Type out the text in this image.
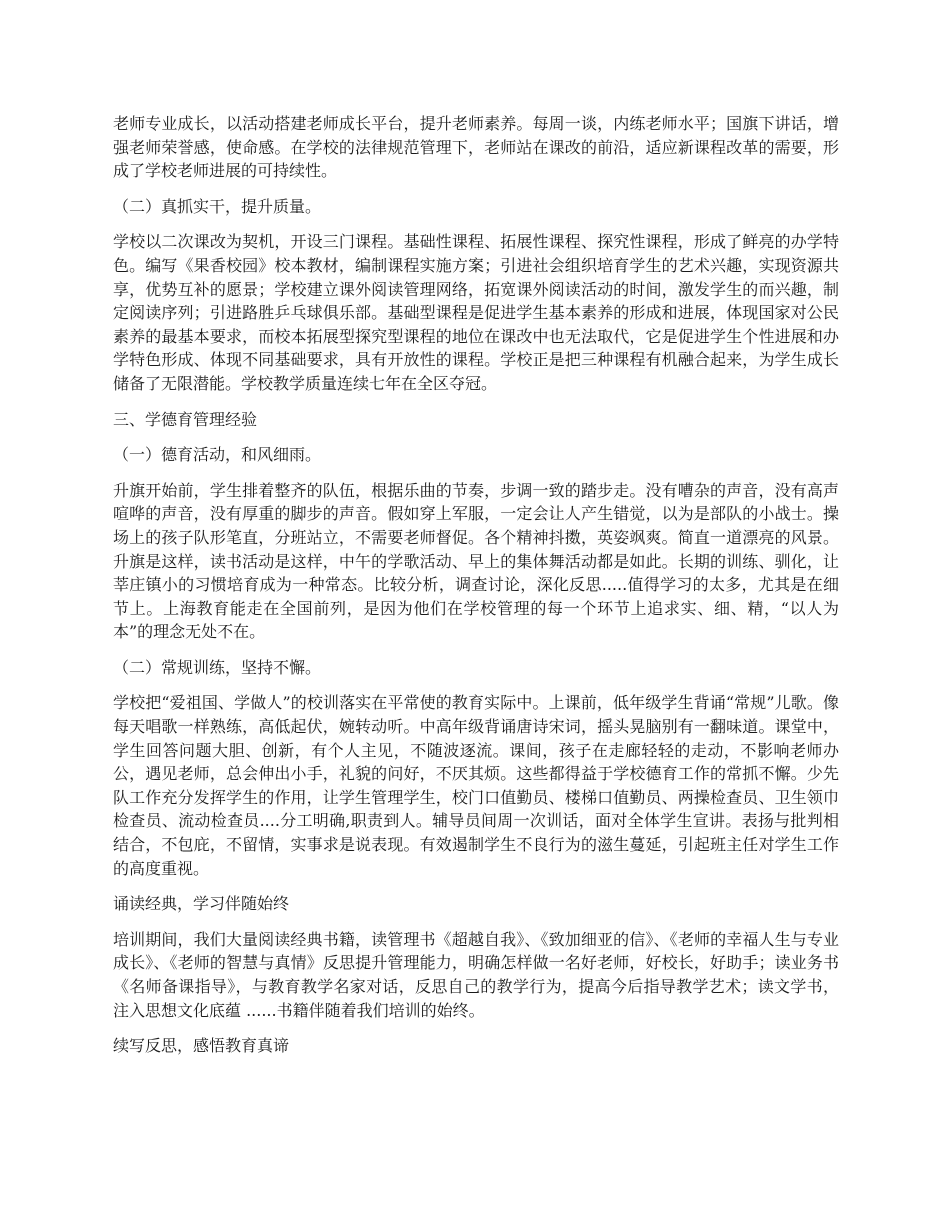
老师专业成长，以活动搭建老师成长平台，提升老师素养。每周一谈，内练老师水平；国旗下讲话，增强老师荣誉感，使命感。在学校的法律规范管理下，老师站在课改的前沿，适应新课程改革的需要，形成了学校老师进展的可持续性。

（二）真抓实干，提升质量。

学校以二次课改为契机，开设三门课程。基础性课程、拓展性课程、探究性课程，形成了鲜亮的办学特色。编写《果香校园》校本教材，编制课程实施方案；引进社会组织培育学生的艺术兴趣，实现资源共享，优势互补的愿景；学校建立课外阅读管理网络，拓宽课外阅读活动的时间，激发学生的而兴趣，制定阅读序列；引进路胜乒乓球俱乐部。基础型课程是促进学生基本素养的形成和进展，体现国家对公民素养的最基本要求，而校本拓展型探究型课程的地位在课改中也无法取代，它是促进学生个性进展和办学特色形成、体现不同基础要求，具有开放性的课程。学校正是把三种课程有机融合起来，为学生成长储备了无限潜能。学校教学质量连续七年在全区夺冠。

三、学德育管理经验

（一）德育活动，和风细雨。

升旗开始前，学生排着整齐的队伍，根据乐曲的节奏，步调一致的踏步走。没有嘈杂的声音，没有高声喧哗的声音，没有厚重的脚步的声音。假如穿上军服，一定会让人产生错觉，以为是部队的小战士。操场上的孩子队形笔直，分班站立，不需要老师督促。各个精神抖擞，英姿飒爽。简直一道漂亮的风景。升旗是这样，读书活动是这样，中午的学歌活动、早上的集体舞活动都是如此。长期的训练、驯化，让莘庄镇小的习惯培育成为一种常态。比较分析，调查讨论，深化反思.....值得学习的太多，尤其是在细节上。上海教育能走在全国前列，是因为他们在学校管理的每一个环节上追求实、细、精，“以人为本”的理念无处不在。

（二）常规训练，坚持不懈。

学校把“爱祖国、学做人”的校训落实在平常使的教育实际中。上课前，低年级学生背诵“常规”儿歌。像每天唱歌一样熟练，高低起伏，婉转动听。中高年级背诵唐诗宋词，摇头晃脑别有一翻味道。课堂中，学生回答问题大胆、创新，有个人主见，不随波逐流。课间，孩子在走廊轻轻的走动，不影响老师办公，遇见老师，总会伸出小手，礼貌的问好，不厌其烦。这些都得益于学校德育工作的常抓不懈。少先队工作充分发挥学生的作用，让学生管理学生，校门口值勤员、楼梯口值勤员、两操检查员、卫生领巾检查员、流动检查员....分工明确,职责到人。辅导员间周一次训话，面对全体学生宣讲。表扬与批判相结合，不包庇，不留情，实事求是说表现。有效遏制学生不良行为的滋生蔓延，引起班主任对学生工作的高度重视。

诵读经典，学习伴随始终

培训期间，我们大量阅读经典书籍，读管理书《超越自我》、《致加细亚的信》、《老师的幸福人生与专业成长》、《老师的智慧与真情》反思提升管理能力，明确怎样做一名好老师，好校长，好助手；读业务书《名师备课指导》，与教育教学名家对话，反思自己的教学行为，提高今后指导教学艺术；读文学书，注入思想文化底蕴 ......书籍伴随着我们培训的始终。

续写反思，感悟教育真谛
